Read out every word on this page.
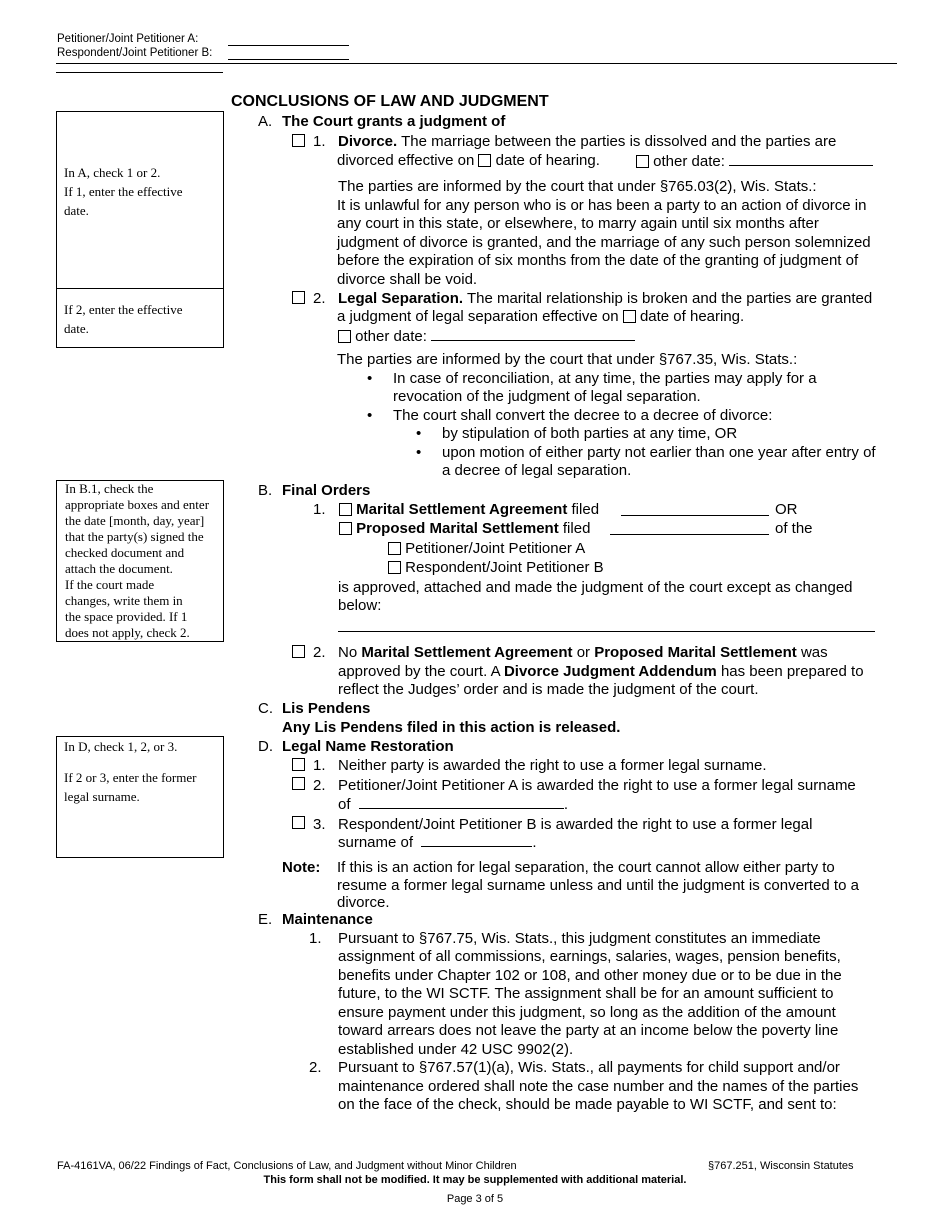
Petitioner/Joint Petitioner A:
Respondent/Joint Petitioner B:
CONCLUSIONS OF LAW AND JUDGMENT
In A, check 1 or 2.
If 1, enter the effective
date.
If 2, enter the effective
date.
In B.1, check the
appropriate boxes and enter
the date [month, day, year]
that the party(s) signed the
checked document and
attach the document.
If the court made
changes, write them in
the space provided. If 1
does not apply, check 2.
In D, check 1, 2, or 3.
If 2 or 3, enter the former
legal surname.
A. The Court grants a judgment of
1. Divorce. The marriage between the parties is dissolved and the parties are
divorced effective on date of hearing.	other date:
The parties are informed by the court that under §765.03(2), Wis. Stats.:
It is unlawful for any person who is or has been a party to an action of divorce in
any court in this state, or elsewhere, to marry again until six months after
judgment of divorce is granted, and the marriage of any such person solemnized
before the expiration of six months from the date of the granting of judgment of
divorce shall be void.
2. Legal Separation. The marital relationship is broken and the parties are granted
a judgment of legal separation effective on date of hearing.
other date:
The parties are informed by the court that under §767.35, Wis. Stats.:
• In case of reconciliation, at any time, the parties may apply for a
revocation of the judgment of legal separation.
• The court shall convert the decree to a decree of divorce:
• by stipulation of both parties at any time, OR
• upon motion of either party not earlier than one year after entry of
a decree of legal separation.
B. Final Orders
1.	Marital Settlement Agreement filed	OR
Proposed Marital Settlement filed	of the
Petitioner/Joint Petitioner A
Respondent/Joint Petitioner B
is approved, attached and made the judgment of the court except as changed
below:
2. No Marital Settlement Agreement or Proposed Marital Settlement was
approved by the court. A Divorce Judgment Addendum has been prepared to
reflect the Judges’ order and is made the judgment of the court.
C. Lis Pendens
Any Lis Pendens filed in this action is released.
D. Legal Name Restoration
1. Neither party is awarded the right to use a former legal surname.
2. Petitioner/Joint Petitioner A is awarded the right to use a former legal surname
of	.
3. Respondent/Joint Petitioner B is awarded the right to use a former legal
surname of	.
Note: If this is an action for legal separation, the court cannot allow either party to
resume a former legal surname unless and until the judgment is converted to a
divorce.
E. Maintenance
1. Pursuant to §767.75, Wis. Stats., this judgment constitutes an immediate
assignment of all commissions, earnings, salaries, wages, pension benefits,
benefits under Chapter 102 or 108, and other money due or to be due in the
future, to the WI SCTF. The assignment shall be for an amount sufficient to
ensure payment under this judgment, so long as the addition of the amount
toward arrears does not leave the party at an income below the poverty line
established under 42 USC 9902(2).
2. Pursuant to §767.57(1)(a), Wis. Stats., all payments for child support and/or
maintenance ordered shall note the case number and the names of the parties
on the face of the check, should be made payable to WI SCTF, and sent to:
FA-4161VA, 06/22 Findings of Fact, Conclusions of Law, and Judgment without Minor Children	§767.251, Wisconsin Statutes
This form shall not be modified. It may be supplemented with additional material.
Page 3 of 5
